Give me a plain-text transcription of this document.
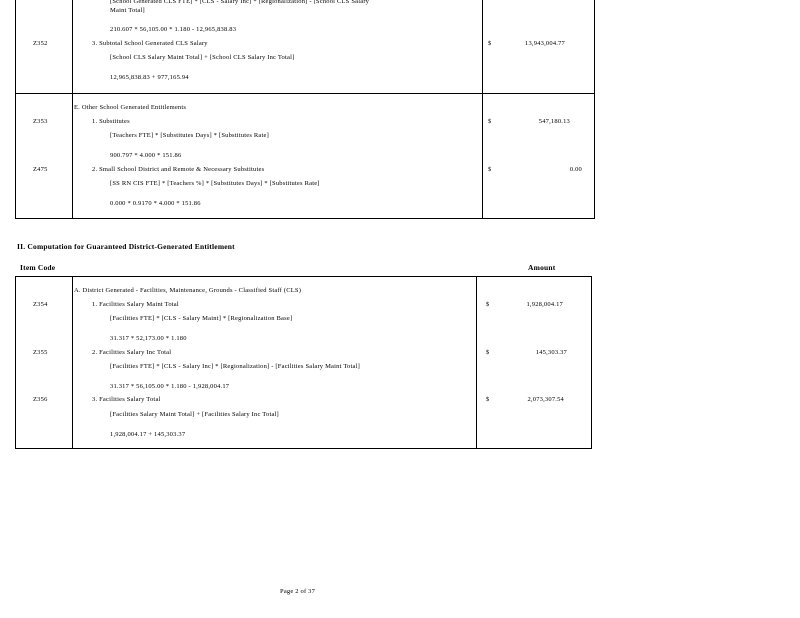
[School Generated CLS FTE] * [CLS - Salary Inc] * [Regionalization] - [School CLS Salary
Maint Total]
210.607 * 56,105.00 * 1.180 - 12,965,838.83
Z352	3. Subtotal School Generated CLS Salary
[School CLS Salary Maint Total] + [School CLS Salary Inc Total]
12,965,838.83 + 977,165.94
$	13,943,004.77
E. Other School Generated Entitlements
Z353	1. Substitutes
[Teachers FTE] * [Substitutes Days] * [Substitutes Rate]
900.797 * 4.000 * 151.86
$	547,180.13
Z475	2. Small School District and Remote & Necessary Substitutes
[SS RN CIS FTE] * [Teachers %] * [Substitutes Days] * [Substitutes Rate]
0.000 * 0.9170 * 4.000 * 151.86
$	0.00
II. Computation for Guaranteed District-Generated Entitlement
Item Code	Amount
A. District Generated - Facilities, Maintenance, Grounds - Classified Staff (CLS)
Z354	1. Facilities Salary Maint Total
[Facilities FTE] * [CLS - Salary Maint] * [Regionalization Base]
31.317 * 52,173.00 * 1.180
$	1,928,004.17
Z355	2. Facilities Salary Inc Total
[Facilities FTE] * [CLS - Salary Inc] * [Regionalization] - [Facilities Salary Maint Total]
31.317 * 56,105.00 * 1.180 - 1,928,004.17
$	145,303.37
Z356	3. Facilities Salary Total
[Facilities Salary Maint Total] + [Facilities Salary Inc Total]
1,928,004.17 + 145,303.37
$	2,073,307.54
Page 2 of 37
